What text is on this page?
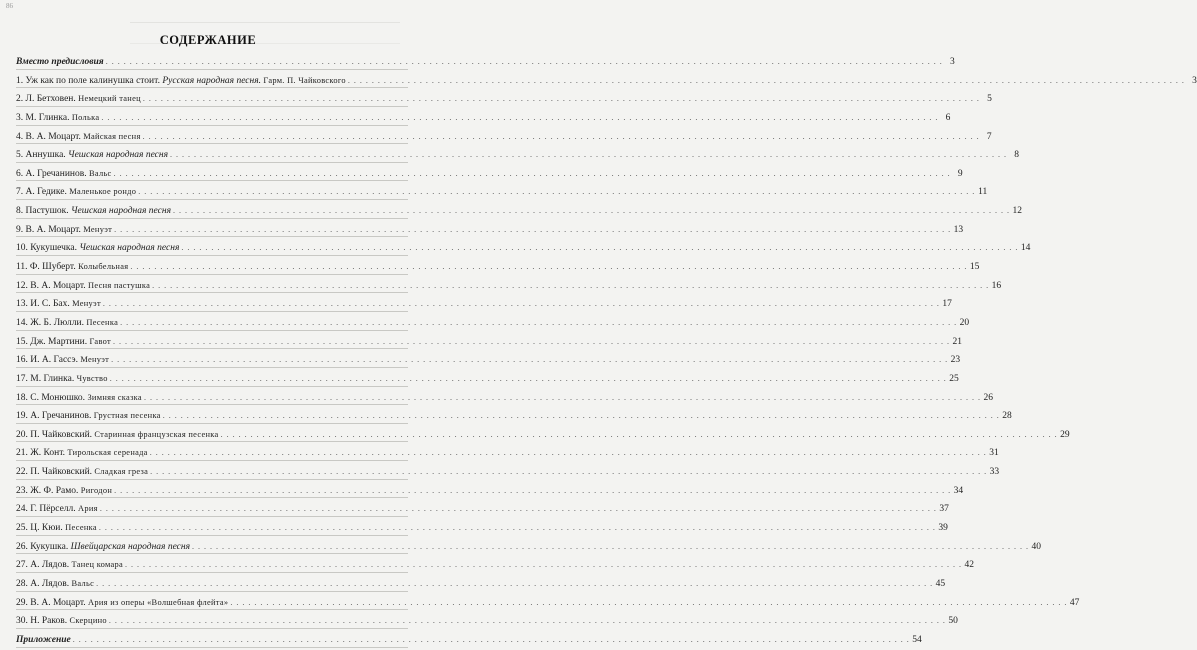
86
СОДЕРЖАНИЕ
Вместо предисловия . . . . . . . . . . . . . . . . . . . . . . . . . . . . . . . . . . . . . . . . . . . . . . . . . . . . . . . . . . . . . . . . . . . . . . . . . . . . . . . . . . . . . . . . . . . . . . . . . . . . . . . . . . . . . . . . . . . . . . . . . . . . . . . . . . . . . . . . . . . . 3
1. Уж как по поле калинушка стоит. Русская народная песня. Гарм. П. Чайковского . . . . . . . . . . . . . . . . . . . . . . . . . . . . . . . . . . . . . . . . . . . . . . . . . . . . . . . . . . . . . . . . . . . . . . . . . . . . . . . . . . . . . . . . . . . . . . . . . . . . . . . . . . . . . . . . . . . . . . . . . . . . . . . . . . . . . . . . . . . . 3
2. Л. Бетховен. Немецкий танец . . . . . . . . . . . . . . . . . . . . . . . . . . . . . . . . . . . . . . . . . . . . . . . . . . . . . . . . . . . . . . . . . . . . . . . . . . . . . . . . . . . . . . . . . . . . . . . . . . . . . . . . . . . . . . . . . . . . . . . . . . . . . . . . . . . . . . . . . . . . 5
3. М. Глинка. Полька . . . . . . . . . . . . . . . . . . . . . . . . . . . . . . . . . . . . . . . . . . . . . . . . . . . . . . . . . . . . . . . . . . . . . . . . . . . . . . . . . . . . . . . . . . . . . . . . . . . . . . . . . . . . . . . . . . . . . . . . . . . . . . . . . . . . . . . . . . . . 6
4. В. А. Моцарт. Майская песня . . . . . . . . . . . . . . . . . . . . . . . . . . . . . . . . . . . . . . . . . . . . . . . . . . . . . . . . . . . . . . . . . . . . . . . . . . . . . . . . . . . . . . . . . . . . . . . . . . . . . . . . . . . . . . . . . . . . . . . . . . . . . . . . . . . . . . . . . . . . 7
5. Аннушка. Чешская народная песня . . . . . . . . . . . . . . . . . . . . . . . . . . . . . . . . . . . . . . . . . . . . . . . . . . . . . . . . . . . . . . . . . . . . . . . . . . . . . . . . . . . . . . . . . . . . . . . . . . . . . . . . . . . . . . . . . . . . . . . . . . . . . . . . . . . . . . . . . . . . 8
6. А. Гречанинов. Вальс . . . . . . . . . . . . . . . . . . . . . . . . . . . . . . . . . . . . . . . . . . . . . . . . . . . . . . . . . . . . . . . . . . . . . . . . . . . . . . . . . . . . . . . . . . . . . . . . . . . . . . . . . . . . . . . . . . . . . . . . . . . . . . . . . . . . . . . . . . . . 9
7. А. Гедике. Маленькое рондо . . . . . . . . . . . . . . . . . . . . . . . . . . . . . . . . . . . . . . . . . . . . . . . . . . . . . . . . . . . . . . . . . . . . . . . . . . . . . . . . . . . . . . . . . . . . . . . . . . . . . . . . . . . . . . . . . . . . . . . . . . . . . . . . . . . . . . . . . . . . 11
8. Пастушок. Чешская народная песня . . . . . . . . . . . . . . . . . . . . . . . . . . . . . . . . . . . . . . . . . . . . . . . . . . . . . . . . . . . . . . . . . . . . . . . . . . . . . . . . . . . . . . . . . . . . . . . . . . . . . . . . . . . . . . . . . . . . . . . . . . . . . . . . . . . . . . . . . . . . 12
9. В. А. Моцарт. Менуэт . . . . . . . . . . . . . . . . . . . . . . . . . . . . . . . . . . . . . . . . . . . . . . . . . . . . . . . . . . . . . . . . . . . . . . . . . . . . . . . . . . . . . . . . . . . . . . . . . . . . . . . . . . . . . . . . . . . . . . . . . . . . . . . . . . . . . . . . . . . . 13
10. Кукушечка. Чешская народная песня . . . . . . . . . . . . . . . . . . . . . . . . . . . . . . . . . . . . . . . . . . . . . . . . . . . . . . . . . . . . . . . . . . . . . . . . . . . . . . . . . . . . . . . . . . . . . . . . . . . . . . . . . . . . . . . . . . . . . . . . . . . . . . . . . . . . . . . . . . . . 14
11. Ф. Шуберт. Колыбельная . . . . . . . . . . . . . . . . . . . . . . . . . . . . . . . . . . . . . . . . . . . . . . . . . . . . . . . . . . . . . . . . . . . . . . . . . . . . . . . . . . . . . . . . . . . . . . . . . . . . . . . . . . . . . . . . . . . . . . . . . . . . . . . . . . . . . . . . . . . . 15
12. В. А. Моцарт. Песня пастушка . . . . . . . . . . . . . . . . . . . . . . . . . . . . . . . . . . . . . . . . . . . . . . . . . . . . . . . . . . . . . . . . . . . . . . . . . . . . . . . . . . . . . . . . . . . . . . . . . . . . . . . . . . . . . . . . . . . . . . . . . . . . . . . . . . . . . . . . . . . . 16
13. И. С. Бах. Менуэт . . . . . . . . . . . . . . . . . . . . . . . . . . . . . . . . . . . . . . . . . . . . . . . . . . . . . . . . . . . . . . . . . . . . . . . . . . . . . . . . . . . . . . . . . . . . . . . . . . . . . . . . . . . . . . . . . . . . . . . . . . . . . . . . . . . . . . . . . . . . 17
14. Ж. Б. Люлли. Песенка . . . . . . . . . . . . . . . . . . . . . . . . . . . . . . . . . . . . . . . . . . . . . . . . . . . . . . . . . . . . . . . . . . . . . . . . . . . . . . . . . . . . . . . . . . . . . . . . . . . . . . . . . . . . . . . . . . . . . . . . . . . . . . . . . . . . . . . . . . . . 20
15. Дж. Мартини. Гавот . . . . . . . . . . . . . . . . . . . . . . . . . . . . . . . . . . . . . . . . . . . . . . . . . . . . . . . . . . . . . . . . . . . . . . . . . . . . . . . . . . . . . . . . . . . . . . . . . . . . . . . . . . . . . . . . . . . . . . . . . . . . . . . . . . . . . . . . . . . . 21
16. И. А. Гассэ. Менуэт . . . . . . . . . . . . . . . . . . . . . . . . . . . . . . . . . . . . . . . . . . . . . . . . . . . . . . . . . . . . . . . . . . . . . . . . . . . . . . . . . . . . . . . . . . . . . . . . . . . . . . . . . . . . . . . . . . . . . . . . . . . . . . . . . . . . . . . . . . . . 23
17. М. Глинка. Чувство . . . . . . . . . . . . . . . . . . . . . . . . . . . . . . . . . . . . . . . . . . . . . . . . . . . . . . . . . . . . . . . . . . . . . . . . . . . . . . . . . . . . . . . . . . . . . . . . . . . . . . . . . . . . . . . . . . . . . . . . . . . . . . . . . . . . . . . . . . . . 25
18. С. Монюшко. Зимняя сказка . . . . . . . . . . . . . . . . . . . . . . . . . . . . . . . . . . . . . . . . . . . . . . . . . . . . . . . . . . . . . . . . . . . . . . . . . . . . . . . . . . . . . . . . . . . . . . . . . . . . . . . . . . . . . . . . . . . . . . . . . . . . . . . . . . . . . . . . . . . . 26
19. А. Гречанинов. Грустная песенка . . . . . . . . . . . . . . . . . . . . . . . . . . . . . . . . . . . . . . . . . . . . . . . . . . . . . . . . . . . . . . . . . . . . . . . . . . . . . . . . . . . . . . . . . . . . . . . . . . . . . . . . . . . . . . . . . . . . . . . . . . . . . . . . . . . . . . . . . . . . 28
20. П. Чайковский. Старинная французская песенка . . . . . . . . . . . . . . . . . . . . . . . . . . . . . . . . . . . . . . . . . . . . . . . . . . . . . . . . . . . . . . . . . . . . . . . . . . . . . . . . . . . . . . . . . . . . . . . . . . . . . . . . . . . . . . . . . . . . . . . . . . . . . . . . . . . . . . . . . . . . 29
21. Ж. Конт. Тирольская серенада . . . . . . . . . . . . . . . . . . . . . . . . . . . . . . . . . . . . . . . . . . . . . . . . . . . . . . . . . . . . . . . . . . . . . . . . . . . . . . . . . . . . . . . . . . . . . . . . . . . . . . . . . . . . . . . . . . . . . . . . . . . . . . . . . . . . . . . . . . . . 31
22. П. Чайковский. Сладкая греза . . . . . . . . . . . . . . . . . . . . . . . . . . . . . . . . . . . . . . . . . . . . . . . . . . . . . . . . . . . . . . . . . . . . . . . . . . . . . . . . . . . . . . . . . . . . . . . . . . . . . . . . . . . . . . . . . . . . . . . . . . . . . . . . . . . . . . . . . . . . 33
23. Ж. Ф. Рамо. Ригодон . . . . . . . . . . . . . . . . . . . . . . . . . . . . . . . . . . . . . . . . . . . . . . . . . . . . . . . . . . . . . . . . . . . . . . . . . . . . . . . . . . . . . . . . . . . . . . . . . . . . . . . . . . . . . . . . . . . . . . . . . . . . . . . . . . . . . . . . . . . . 34
24. Г. Пёрселл. Ария . . . . . . . . . . . . . . . . . . . . . . . . . . . . . . . . . . . . . . . . . . . . . . . . . . . . . . . . . . . . . . . . . . . . . . . . . . . . . . . . . . . . . . . . . . . . . . . . . . . . . . . . . . . . . . . . . . . . . . . . . . . . . . . . . . . . . . . . . . . . 37
25. Ц. Кюи. Песенка . . . . . . . . . . . . . . . . . . . . . . . . . . . . . . . . . . . . . . . . . . . . . . . . . . . . . . . . . . . . . . . . . . . . . . . . . . . . . . . . . . . . . . . . . . . . . . . . . . . . . . . . . . . . . . . . . . . . . . . . . . . . . . . . . . . . . . . . . . . . 39
26. Кукушка. Швейцарская народная песня . . . . . . . . . . . . . . . . . . . . . . . . . . . . . . . . . . . . . . . . . . . . . . . . . . . . . . . . . . . . . . . . . . . . . . . . . . . . . . . . . . . . . . . . . . . . . . . . . . . . . . . . . . . . . . . . . . . . . . . . . . . . . . . . . . . . . . . . . . . . 40
27. А. Лядов. Танец комара . . . . . . . . . . . . . . . . . . . . . . . . . . . . . . . . . . . . . . . . . . . . . . . . . . . . . . . . . . . . . . . . . . . . . . . . . . . . . . . . . . . . . . . . . . . . . . . . . . . . . . . . . . . . . . . . . . . . . . . . . . . . . . . . . . . . . . . . . . . . 42
28. А. Лядов. Вальс . . . . . . . . . . . . . . . . . . . . . . . . . . . . . . . . . . . . . . . . . . . . . . . . . . . . . . . . . . . . . . . . . . . . . . . . . . . . . . . . . . . . . . . . . . . . . . . . . . . . . . . . . . . . . . . . . . . . . . . . . . . . . . . . . . . . . . . . . . . . 45
29. В. А. Моцарт. Ария из оперы «Волшебная флейта» . . . . . . . . . . . . . . . . . . . . . . . . . . . . . . . . . . . . . . . . . . . . . . . . . . . . . . . . . . . . . . . . . . . . . . . . . . . . . . . . . . . . . . . . . . . . . . . . . . . . . . . . . . . . . . . . . . . . . . . . . . . . . . . . . . . . . . . . . . . . 47
30. Н. Раков. Скерцино . . . . . . . . . . . . . . . . . . . . . . . . . . . . . . . . . . . . . . . . . . . . . . . . . . . . . . . . . . . . . . . . . . . . . . . . . . . . . . . . . . . . . . . . . . . . . . . . . . . . . . . . . . . . . . . . . . . . . . . . . . . . . . . . . . . . . . . . . . . . 50
Приложение . . . . . . . . . . . . . . . . . . . . . . . . . . . . . . . . . . . . . . . . . . . . . . . . . . . . . . . . . . . . . . . . . . . . . . . . . . . . . . . . . . . . . . . . . . . . . . . . . . . . . . . . . . . . . . . . . . . . . . . . . . . . . . . . . . . . . . . . . . . . 54
